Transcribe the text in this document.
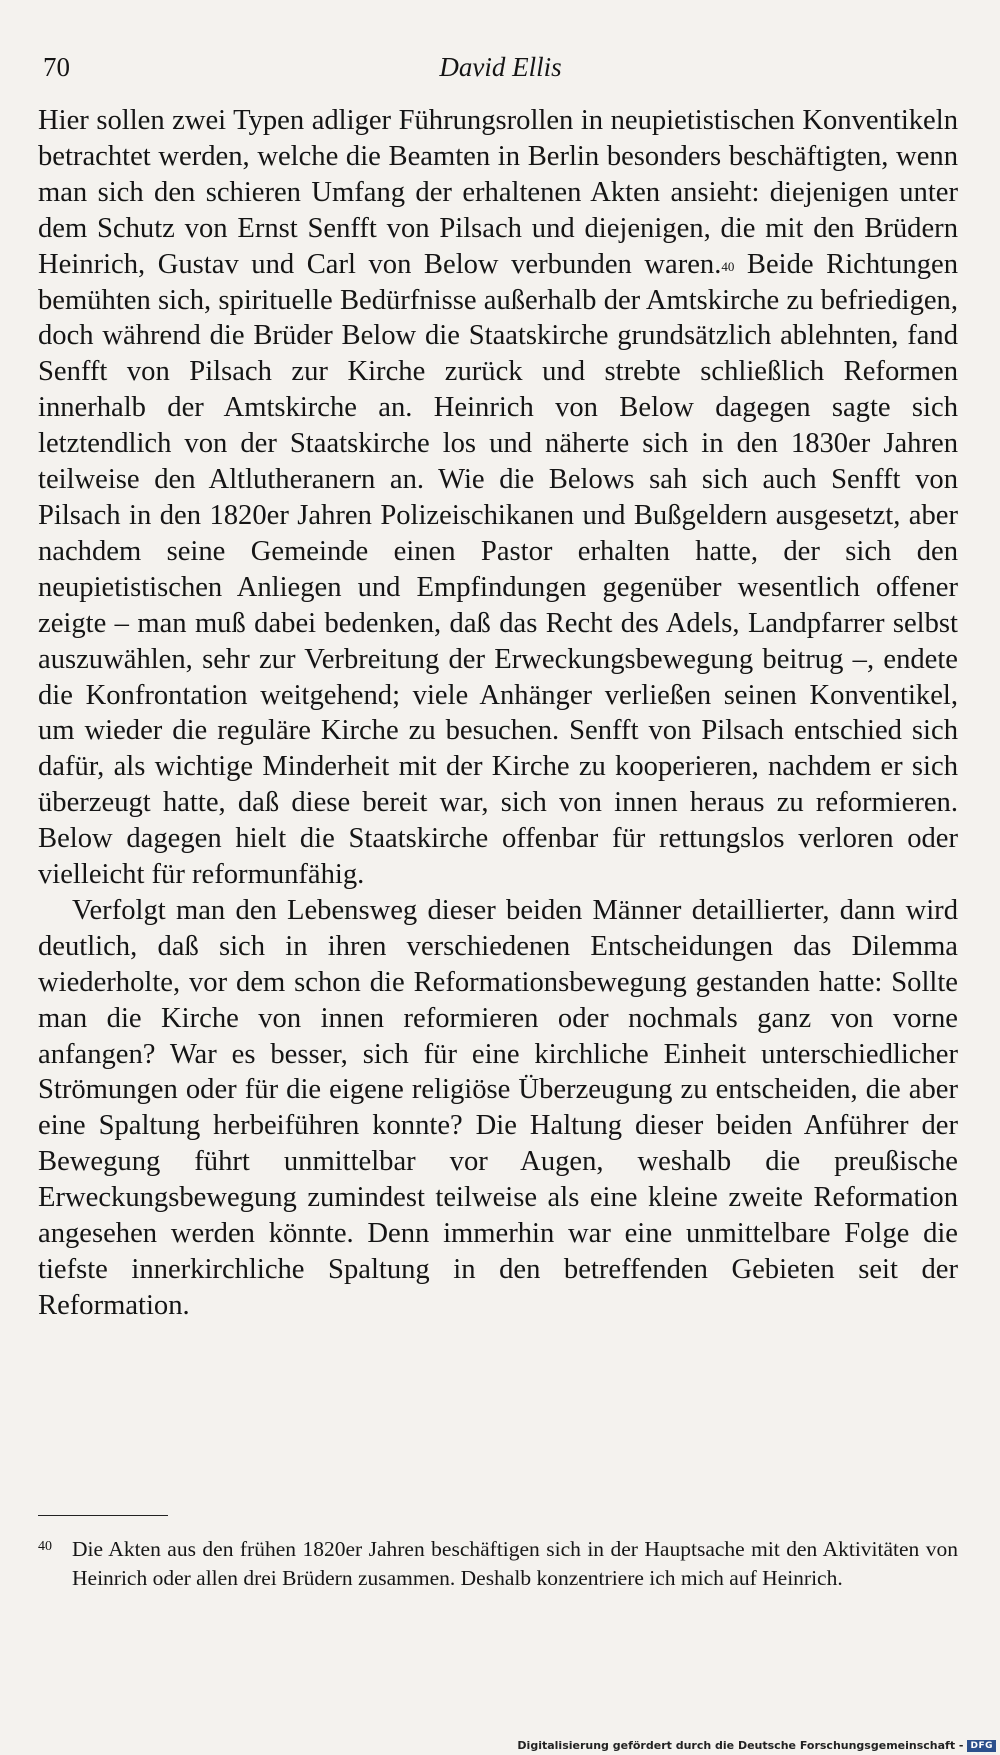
70	David Ellis

Hier sollen zwei Typen adliger Führungsrollen in neupietistischen Konventikeln betrachtet werden, welche die Beamten in Berlin besonders beschäftigten, wenn man sich den schieren Umfang der erhaltenen Akten ansieht: diejenigen unter dem Schutz von Ernst Senfft von Pilsach und diejenigen, die mit den Brüdern Heinrich, Gustav und Carl von Below verbunden waren.$^{40}$ Beide Richtungen bemühten sich, spirituelle Bedürfnisse außerhalb der Amtskirche zu befriedigen, doch während die Brüder Below die Staatskirche grundsätzlich ablehnten, fand Senfft von Pilsach zur Kirche zurück und strebte schließlich Reformen innerhalb der Amtskirche an. Heinrich von Below dagegen sagte sich letztendlich von der Staatskirche los und näherte sich in den 1830er Jahren teilweise den Altlutheranern an. Wie die Belows sah sich auch Senfft von Pilsach in den 1820er Jahren Polizeischikanen und Bußgeldern ausgesetzt, aber nachdem seine Gemeinde einen Pastor erhalten hatte, der sich den neupietistischen Anliegen und Empfindungen gegenüber wesentlich offener zeigte – man muß dabei bedenken, daß das Recht des Adels, Landpfarrer selbst auszuwählen, sehr zur Verbreitung der Erweckungsbewegung beitrug –, endete die Konfrontation weitgehend; viele Anhänger verließen seinen Konventikel, um wieder die reguläre Kirche zu besuchen. Senfft von Pilsach entschied sich dafür, als wichtige Minderheit mit der Kirche zu kooperieren, nachdem er sich überzeugt hatte, daß diese bereit war, sich von innen heraus zu reformieren. Below dagegen hielt die Staatskirche offenbar für rettungslos verloren oder vielleicht für reformunfähig.

Verfolgt man den Lebensweg dieser beiden Männer detaillierter, dann wird deutlich, daß sich in ihren verschiedenen Entscheidungen das Dilemma wiederholte, vor dem schon die Reformationsbewegung gestanden hatte: Sollte man die Kirche von innen reformieren oder nochmals ganz von vorne anfangen? War es besser, sich für eine kirchliche Einheit unterschiedlicher Strömungen oder für die eigene religiöse Überzeugung zu entscheiden, die aber eine Spaltung herbeiführen konnte? Die Haltung dieser beiden Anführer der Bewegung führt unmittelbar vor Augen, weshalb die preußische Erweckungsbewegung zumindest teilweise als eine kleine zweite Reformation angesehen werden könnte. Denn immerhin war eine unmittelbare Folge die tiefste innerkirchliche Spaltung in den betreffenden Gebieten seit der Reformation.

40 Die Akten aus den frühen 1820er Jahren beschäftigen sich in der Hauptsache mit den Aktivitäten von Heinrich oder allen drei Brüdern zusammen. Deshalb konzentriere ich mich auf Heinrich.
Digitalisierung gefördert durch die Deutsche Forschungsgemeinschaft - DFG
